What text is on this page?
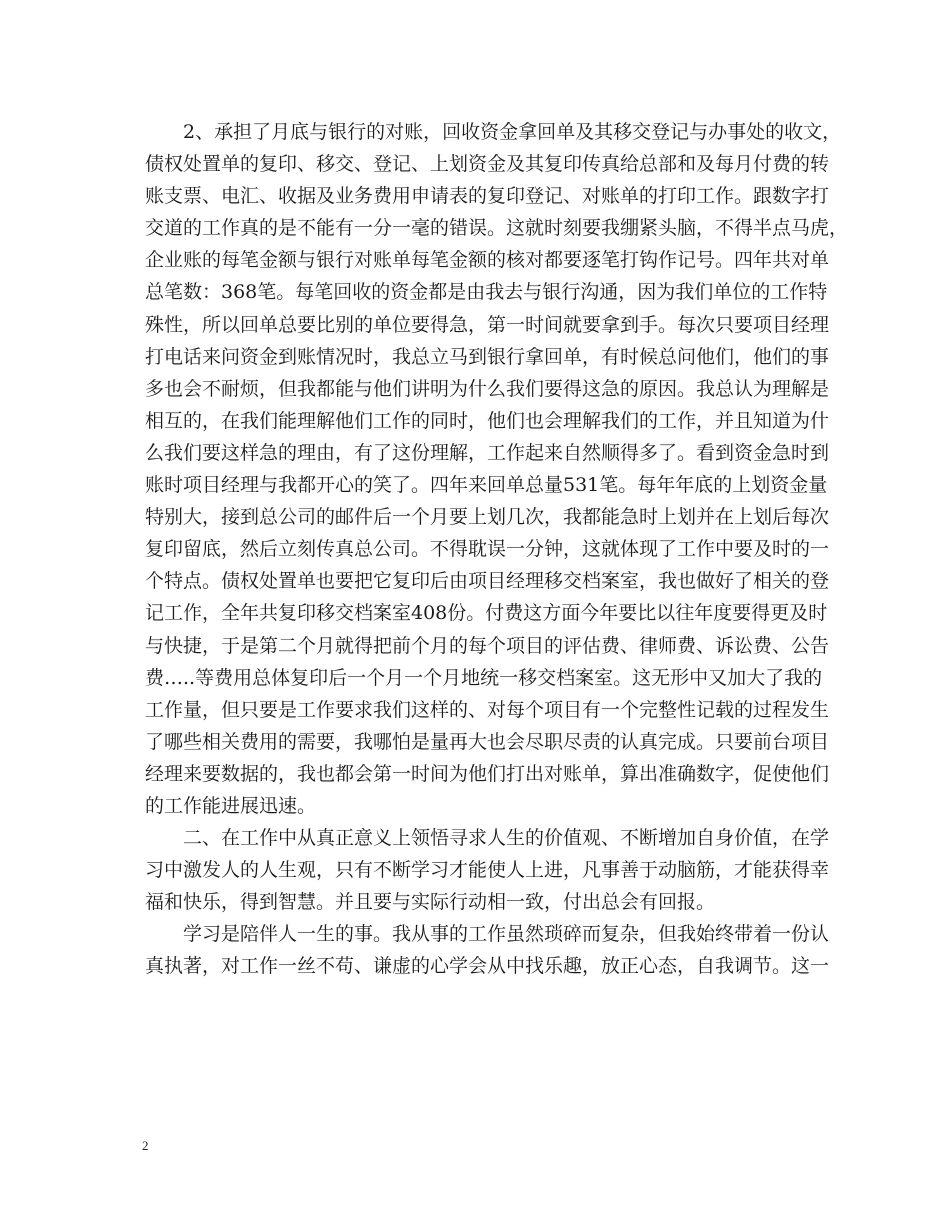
2、承担了月底与银行的对账，回收资金拿回单及其移交登记与办事处的收文，
债权处置单的复印、移交、登记、上划资金及其复印传真给总部和及每月付费的转
账支票、电汇、收据及业务费用申请表的复印登记、对账单的打印工作。跟数字打
交道的工作真的是不能有一分一毫的错误。这就时刻要我绷紧头脑，不得半点马虎，
企业账的每笔金额与银行对账单每笔金额的核对都要逐笔打钩作记号。四年共对单
总笔数：368笔。每笔回收的资金都是由我去与银行沟通，因为我们单位的工作特
殊性，所以回单总要比别的单位要得急，第一时间就要拿到手。每次只要项目经理
打电话来问资金到账情况时，我总立马到银行拿回单，有时候总问他们，他们的事
多也会不耐烦，但我都能与他们讲明为什么我们要得这急的原因。我总认为理解是
相互的，在我们能理解他们工作的同时，他们也会理解我们的工作，并且知道为什
么我们要这样急的理由，有了这份理解，工作起来自然顺得多了。看到资金急时到
账时项目经理与我都开心的笑了。四年来回单总量531笔。每年年底的上划资金量
特别大，接到总公司的邮件后一个月要上划几次，我都能急时上划并在上划后每次
复印留底，然后立刻传真总公司。不得耽误一分钟，这就体现了工作中要及时的一
个特点。债权处置单也要把它复印后由项目经理移交档案室，我也做好了相关的登
记工作，全年共复印移交档案室408份。付费这方面今年要比以往年度要得更及时
与快捷，于是第二个月就得把前个月的每个项目的评估费、律师费、诉讼费、公告
费…..等费用总体复印后一个月一个月地统一移交档案室。这无形中又加大了我的
工作量，但只要是工作要求我们这样的、对每个项目有一个完整性记载的过程发生
了哪些相关费用的需要，我哪怕是量再大也会尽职尽责的认真完成。只要前台项目
经理来要数据的，我也都会第一时间为他们打出对账单，算出准确数字，促使他们
的工作能进展迅速。
二、在工作中从真正意义上领悟寻求人生的价值观、不断增加自身价值，在学
习中激发人的人生观，只有不断学习才能使人上进，凡事善于动脑筋，才能获得幸
福和快乐，得到智慧。并且要与实际行动相一致，付出总会有回报。
学习是陪伴人一生的事。我从事的工作虽然琐碎而复杂，但我始终带着一份认
真执著，对工作一丝不苟、谦虚的心学会从中找乐趣，放正心态，自我调节。这一
2
